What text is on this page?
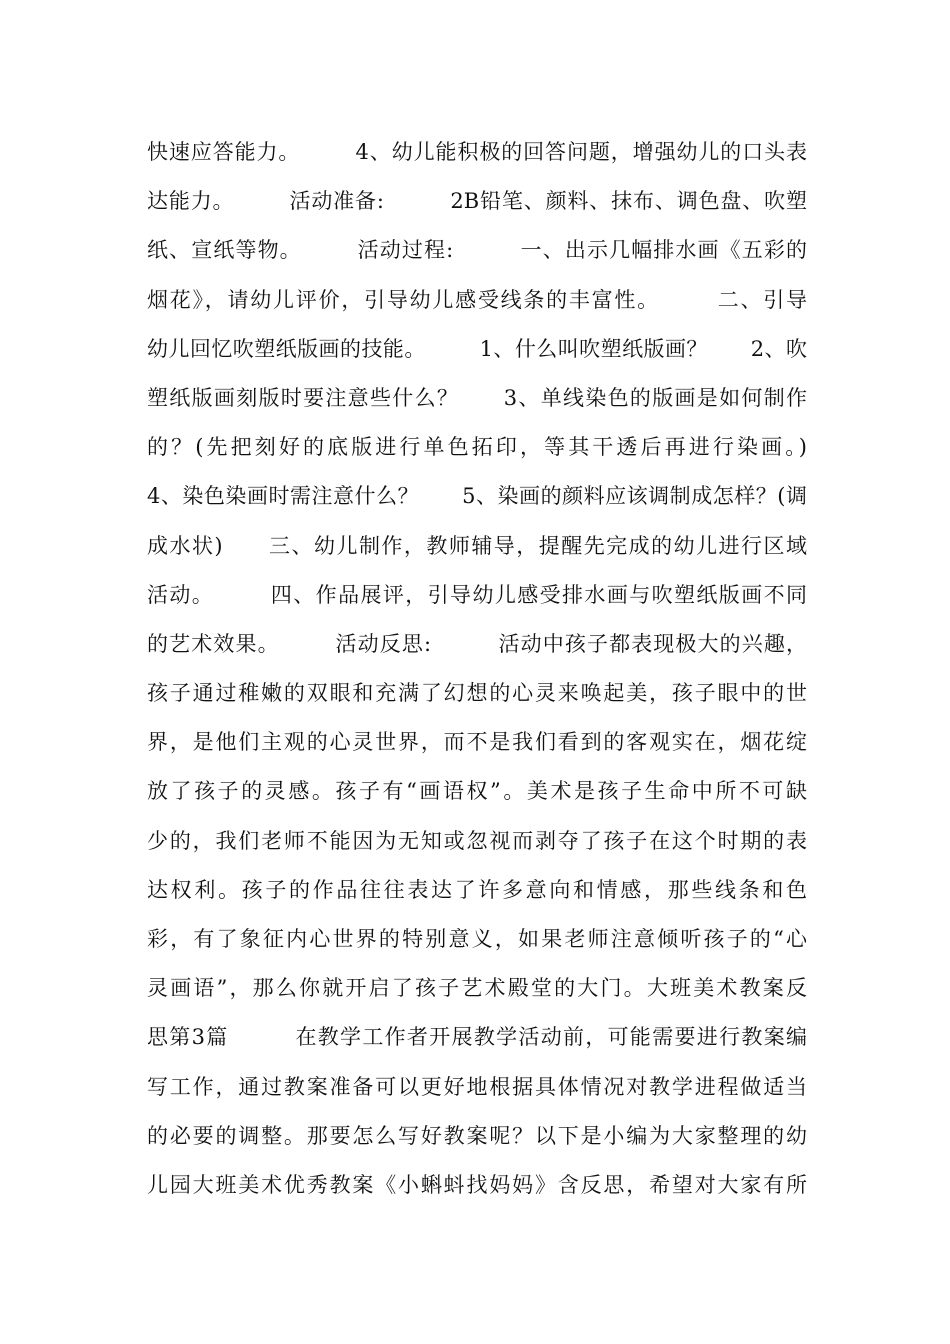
快速应答能力。　　　4、幼儿能积极的回答问题，增强幼儿的口头表
达能力。　　　活动准备:　　　2B铅笔、颜料、抹布、调色盘、吹塑
纸、宣纸等物。　　　活动过程:　　　一、出示几幅排水画《五彩的
烟花》，请幼儿评价，引导幼儿感受线条的丰富性。　　　二、引导
幼儿回忆吹塑纸版画的技能。　　　1、什么叫吹塑纸版画？　　2、吹
塑纸版画刻版时要注意些什么？　　3、单线染色的版画是如何制作
的？(先把刻好的底版进行单色拓印，等其干透后再进行染画。)
4、染色染画时需注意什么？　　5、染画的颜料应该调制成怎样？(调
成水状)　　三、幼儿制作，教师辅导，提醒先完成的幼儿进行区域
活动。　　　四、作品展评，引导幼儿感受排水画与吹塑纸版画不同
的艺术效果。　　　活动反思:　　　活动中孩子都表现极大的兴趣，
孩子通过稚嫩的双眼和充满了幻想的心灵来唤起美，孩子眼中的世
界，是他们主观的心灵世界，而不是我们看到的客观实在，烟花绽
放了孩子的灵感。孩子有“画语权”。美术是孩子生命中所不可缺
少的，我们老师不能因为无知或忽视而剥夺了孩子在这个时期的表
达权利。孩子的作品往往表达了许多意向和情感，那些线条和色
彩，有了象征内心世界的特别意义，如果老师注意倾听孩子的“心
灵画语”，那么你就开启了孩子艺术殿堂的大门。大班美术教案反
思第3篇　　　在教学工作者开展教学活动前，可能需要进行教案编
写工作，通过教案准备可以更好地根据具体情况对教学进程做适当
的必要的调整。那要怎么写好教案呢？以下是小编为大家整理的幼
儿园大班美术优秀教案《小蝌蚪找妈妈》含反思，希望对大家有所
